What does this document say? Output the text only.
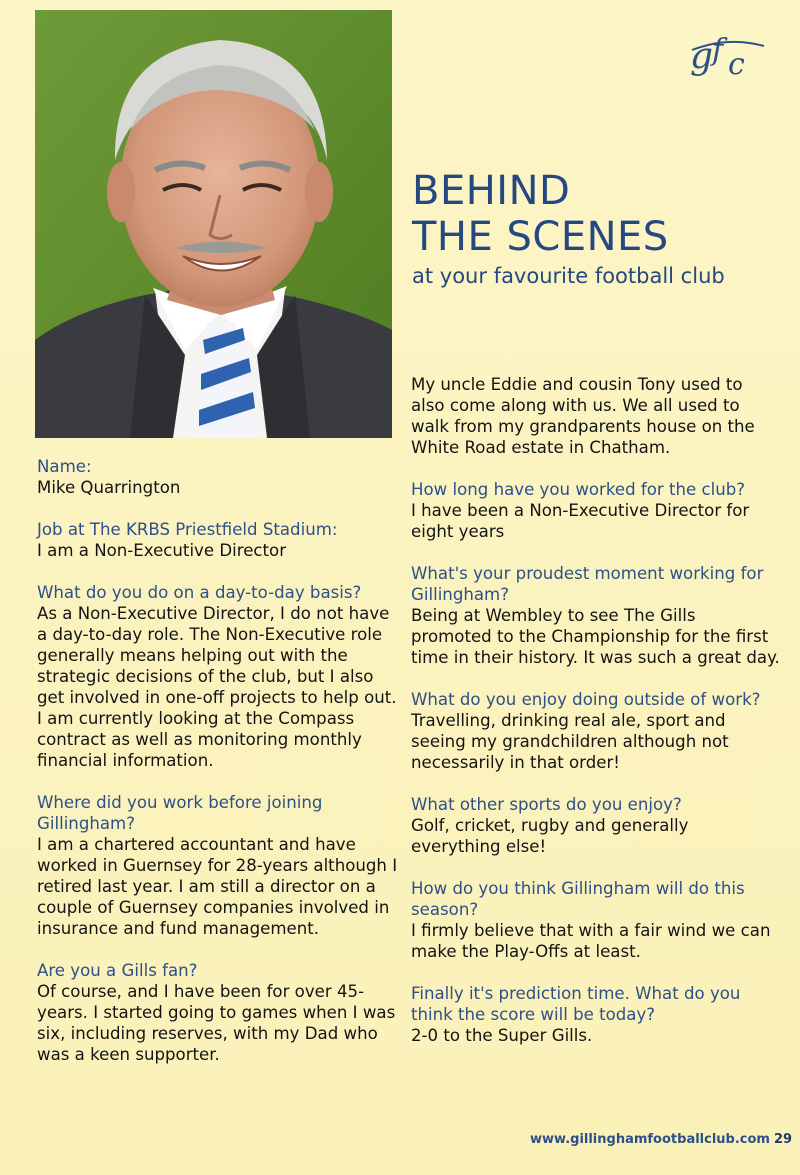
g
f c
BEHIND
THE SCENES
at your favourite football club
Name:
Mike Quarrington
Job at The KRBS Priestfield Stadium:
I am a Non-Executive Director
What do you do on a day-to-day basis?
As a Non-Executive Director, I do not have a day-to-day role. The Non-Executive role generally means helping out with the strategic decisions of the club, but I also get involved in one-off projects to help out. I am currently looking at the Compass contract as well as monitoring monthly financial information.
Where did you work before joining Gillingham?
I am a chartered accountant and have worked in Guernsey for 28-years although I retired last year. I am still a director on a couple of Guernsey companies involved in insurance and fund management.
Are you a Gills fan?
Of course, and I have been for over 45-years. I started going to games when I was six, including reserves, with my Dad who was a keen supporter.
My uncle Eddie and cousin Tony used to also come along with us. We all used to walk from my grandparents house on the White Road estate in Chatham.
How long have you worked for the club?
I have been a Non-Executive Director for eight years
What's your proudest moment working for Gillingham?
Being at Wembley to see The Gills promoted to the Championship for the first time in their history. It was such a great day.
What do you enjoy doing outside of work?
Travelling, drinking real ale, sport and seeing my grandchildren although not necessarily in that order!
What other sports do you enjoy?
Golf, cricket, rugby and generally everything else!
How do you think Gillingham will do this season?
I firmly believe that with a fair wind we can make the Play-Offs at least.
Finally it's prediction time. What do you think the score will be today?
2-0 to the Super Gills.
www.gillinghamfootballclub.com 29
